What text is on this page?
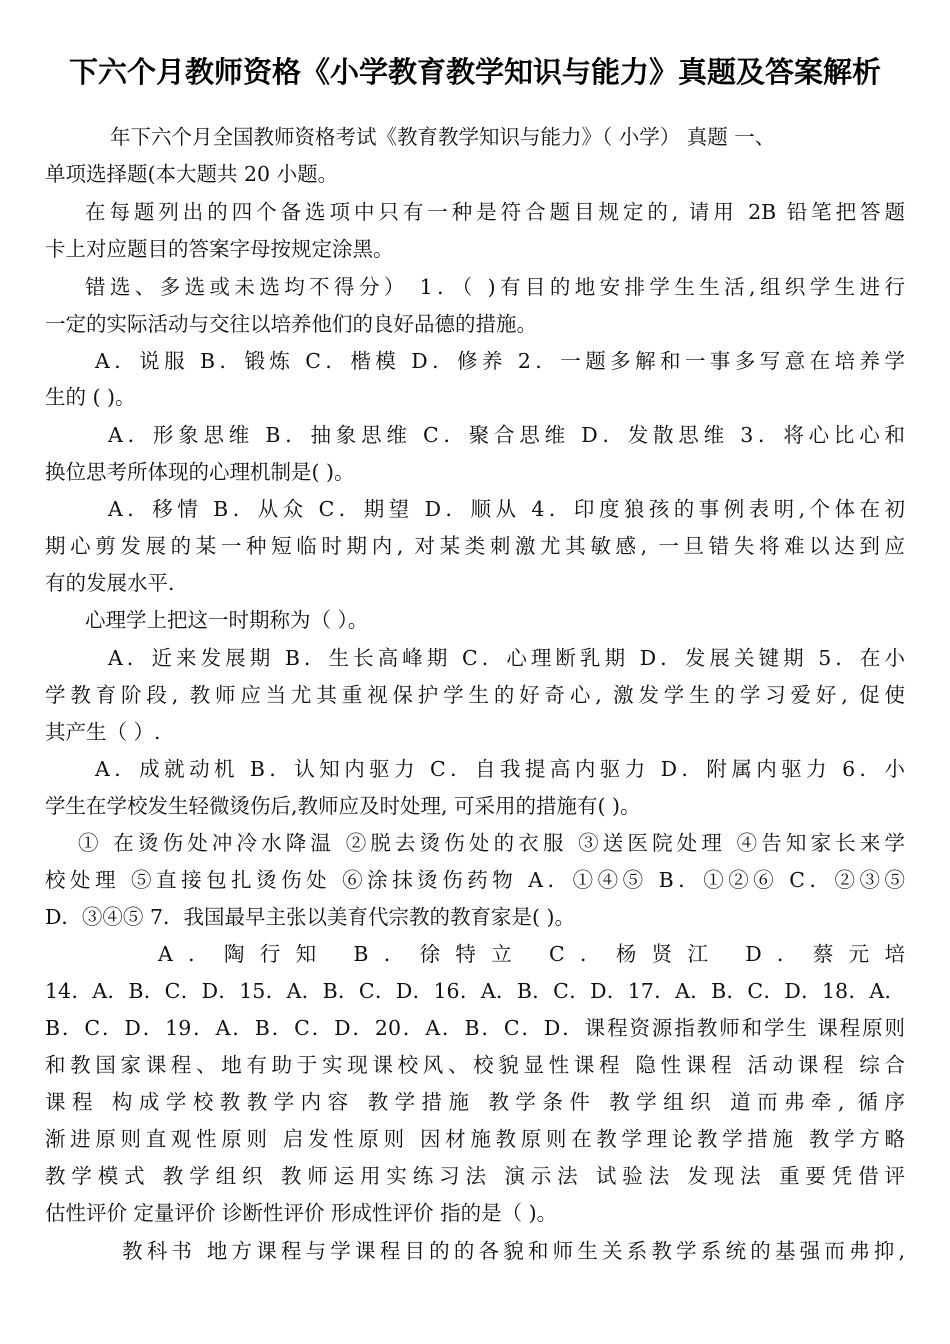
下六个月教师资格《小学教育教学知识与能力》真题及答案解析
年下六个月全国教师资格考试《教育教学知识与能力》（ 小学） 真题 一、
单项选择题(本大题共 20 小题。
在每题列出的四个备选项中只有一种是符合题目规定的, 请用 2B 铅笔把答题
卡上对应题目的答案字母按规定涂黑。
错选、多选或未选均不得分） 1．（ )有目的地安排学生生活,组织学生进行
一定的实际活动与交往以培养他们的良好品德的措施。
A．说服 B．锻炼 C．楷模 D．修养 2．一题多解和一事多写意在培养学
生的 ( )。
A．形象思维 B．抽象思维 C．聚合思维 D．发散思维 3．将心比心和
换位思考所体现的心理机制是( )。
A．移情 B．从众 C．期望 D．顺从 4．印度狼孩的事例表明,个体在初
期心剪发展的某一种短临时期内, 对某类刺激尤其敏感, 一旦错失将难以达到应
有的发展水平.
心理学上把这一时期称为（ ）。
A．近来发展期 B．生长高峰期 C．心理断乳期 D．发展关键期 5．在小
学教育阶段, 教师应当尤其重视保护学生的好奇心, 激发学生的学习爱好, 促使
其产生（ ）.
A．成就动机 B．认知内驱力 C．自我提高内驱力 D．附属内驱力 6．小
学生在学校发生轻微烫伤后,教师应及时处理, 可采用的措施有( )。
① 在烫伤处冲冷水降温 ②脱去烫伤处的衣服 ③送医院处理 ④告知家长来学
校处理 ⑤直接包扎烫伤处 ⑥涂抹烫伤药物 A．①④⑤ B．①②⑥ C．②③⑤
D．③④⑤ 7．我国最早主张以美育代宗教的教育家是( )。
A．陶行知 B．徐特立 C．杨贤江 D．蔡元培
14．A．B．C．D．15．A．B．C．D．16．A．B．C．D．17．A．B．C．D．18．A．
B．C．D．19．A．B．C．D．20．A．B．C．D．课程资源指教师和学生 课程原则
和教国家课程、地有助于实现课校风、校貌显性课程 隐性课程 活动课程 综合
课程 构成学校教教学内容 教学措施 教学条件 教学组织 道而弗牵, 循序
渐进原则直观性原则 启发性原则 因材施教原则在教学理论教学措施 教学方略
教学模式 教学组织 教师运用实练习法 演示法 试验法 发现法 重要凭借评
估性评价 定量评价 诊断性评价 形成性评价 指的是（ )。
教科书 地方课程与学课程目的的各貌和师生关系教学系统的基强而弗抑,
